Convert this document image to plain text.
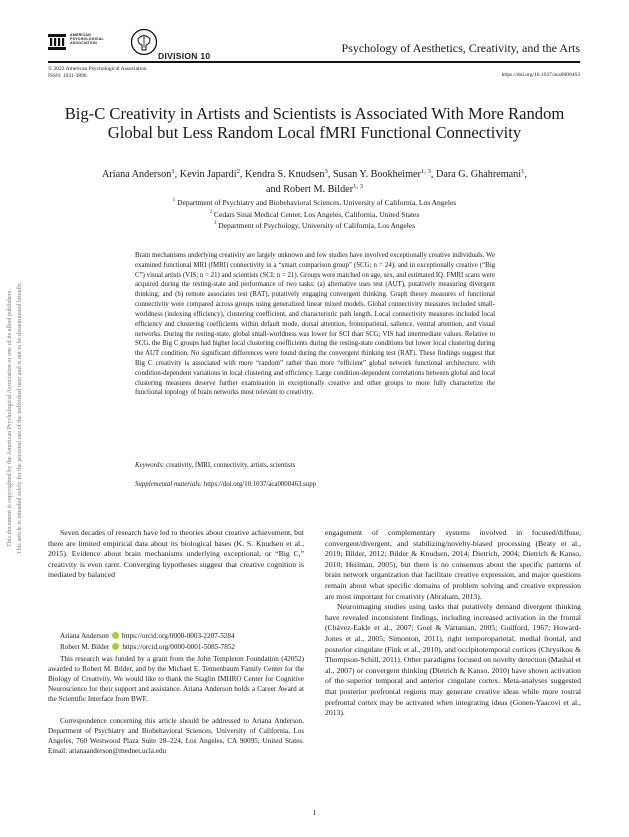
AMERICAN
PSYCHOLOGICAL
ASSOCIATION
DIVISION 10
Psychology of Aesthetics, Creativity, and the Arts
© 2022 American Psychological Association
ISSN: 1931-3896	https://doi.org/10.1037/aca0000463
This document is copyrighted by the American Psychological Association or one of its allied publishers. This article is intended solely for the personal use of the individual user and is not to be disseminated broadly.
Big-C Creativity in Artists and Scientists is Associated With More Random
Global but Less Random Local fMRI Functional Connectivity
Ariana Anderson$^1$, Kevin Japardi$^2$, Kendra S. Knudsen$^3$, Susan Y. Bookheimer$^{1, 3}$, Dara G. Ghahremani$^1$,
and Robert M. Bilder$^{1, 3}$
$^1$ Department of Psychiatry and Biobehavioral Sciences, University of California, Los Angeles
$^2$ Cedars Sinai Medical Center, Los Angeles, California, United States
$^3$ Department of Psychology, University of California, Los Angeles
Brain mechanisms underlying creativity are largely unknown and few studies have involved exceptionally creative individuals. We examined functional MRI (fMRI) connectivity in a “smart comparison group” (SCG; n = 24), and in exceptionally creative (“Big C”) visual artists (VIS; n = 21) and scientists (SCI; n = 21). Groups were matched on age, sex, and estimated IQ. FMRI scans were acquired during the resting-state and performance of two tasks: (a) alternative uses test (AUT), putatively measuring divergent thinking; and (b) remote associates test (RAT), putatively engaging convergent thinking. Graph theory measures of functional connectivity were compared across groups using generalized linear mixed models. Global connectivity measures included small-worldness (indexing efficiency), clustering coefficient, and characteristic path length. Local connectivity measures included local efficiency and clustering coefficients within default mode, dorsal attention, frontoparietal, salience, ventral attention, and visual networks. During the resting-state, global small-worldness was lower for SCI than SCG; VIS had intermediate values. Relative to SCG, the Big C groups had higher local clustering coefficients during the resting-state conditions but lower local clustering during the AUT condition. No significant differences were found during the convergent thinking test (RAT). These findings suggest that Big C creativity is associated with more “random” rather than more “efficient” global network functional architecture, with condition-dependent variations in local clustering and efficiency. Large condition-dependent correlations between global and local clustering measures deserve further examination in exceptionally creative and other groups to more fully characterize the functional topology of brain networks most relevant to creativity.
Keywords: creativity, fMRI, connectivity, artists, scientists
Supplemental materials: https://doi.org/10.1037/aca0000463.supp

Seven decades of research have led to theories about creative achievement, but there are limited empirical data about its biological bases (K. S. Knudsen et al., 2015). Evidence about brain mechanisms underlying exceptional, or “Big C,” creativity is even rarer. Converging hypotheses suggest that creative cognition is mediated by balanced

Ariana Anderson https://orcid.org/0000-0003-2207-5284
Robert M. Bilder https://orcid.org/0000-0001-5085-7852

This research was funded by a grant from the John Templeton Foundation (42052) awarded to Robert M. Bilder, and by the Michael E. Tennenbaum Family Center for the Biology of Creativity. We would like to thank the Staglin IMHRO Center for Cognitive Neuroscience for their support and assistance. Ariana Anderson holds a Career Award at the Scientific Interface from BWF.

Correspondence concerning this article should be addressed to Ariana Anderson, Department of Psychiatry and Biobehavioral Sciences, University of California, Los Angeles, 760 Westwood Plaza Suite 28–224, Los Angeles, CA 90095, United States. Email: arianaanderson@mednet.ucla.edu

engagement of complementary systems involved in focused/diffuse, convergent/divergent, and stabilizing/novelty-biased processing (Beaty et al., 2019; Bilder, 2012; Bilder & Knudsen, 2014; Dietrich, 2004; Dietrich & Kanso, 2010; Heilman, 2005), but there is no consensus about the specific patterns of brain network organization that facilitate creative expression, and major questions remain about what specific domains of problem solving and creative expression are most important for creativity (Abraham, 2013).

Neuroimaging studies using tasks that putatively demand divergent thinking have revealed inconsistent findings, including increased activation in the frontal (Chávez-Eakle et al., 2007; Goel & Vartanian, 2005; Guilford, 1967; Howard-Jones et al., 2005; Simonton, 2011), right temporoparietal, medial frontal, and posterior cingulate (Fink et al., 2010), and occipitotemporal cortices (Chrysikou & Thompson-Schill, 2011). Other paradigms focused on novelty detection (Mashal et al., 2007) or convergent thinking (Dietrich & Kanso, 2010) have shown activation of the superior temporal and anterior cingulate cortex. Meta-analyses suggested that posterior prefrontal regions may generate creative ideas while more rostral prefrontal cortex may be activated when integrating ideas (Gonen-Yaacovi et al., 2013).

1
